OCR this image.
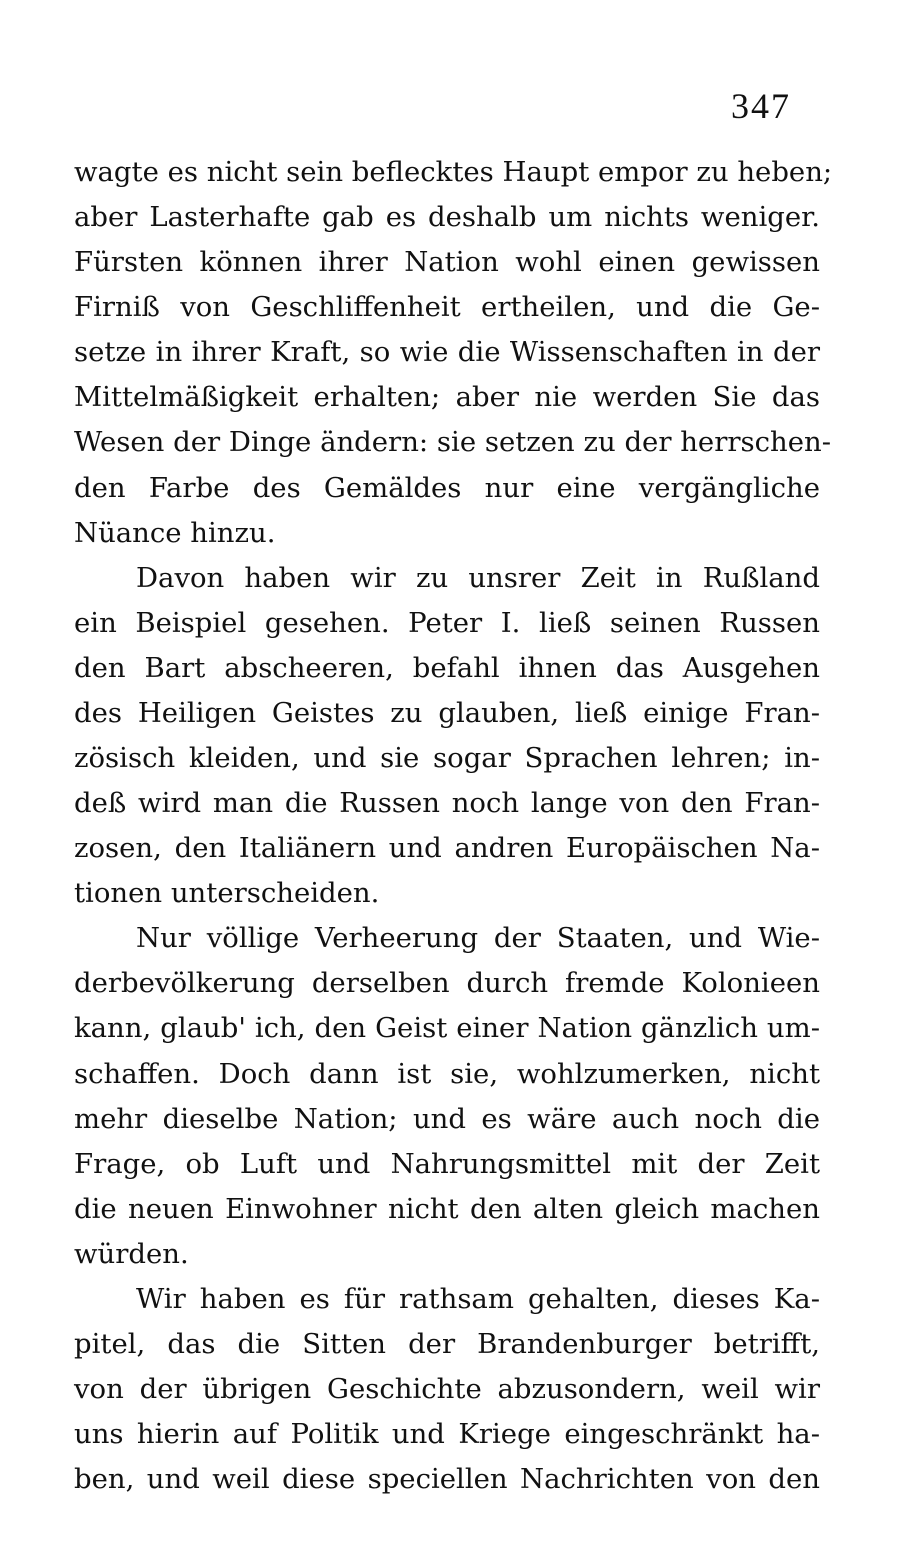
347
wagte es nicht sein beflecktes Haupt empor zu heben;
aber Lasterhafte gab es deshalb um nichts weniger.
Fürsten können ihrer Nation wohl einen gewissen
Firniß von Geschliffenheit ertheilen, und die Ge-
setze in ihrer Kraft, so wie die Wissenschaften in der
Mittelmäßigkeit erhalten; aber nie werden Sie das
Wesen der Dinge ändern: sie setzen zu der herrschen-
den Farbe des Gemäldes nur eine vergängliche
Nüance hinzu.
Davon haben wir zu unsrer Zeit in Rußland
ein Beispiel gesehen. Peter I. ließ seinen Russen
den Bart abscheeren, befahl ihnen das Ausgehen
des Heiligen Geistes zu glauben, ließ einige Fran-
zösisch kleiden, und sie sogar Sprachen lehren; in-
deß wird man die Russen noch lange von den Fran-
zosen, den Italiänern und andren Europäischen Na-
tionen unterscheiden.
Nur völlige Verheerung der Staaten, und Wie-
derbevölkerung derselben durch fremde Kolonieen
kann, glaub' ich, den Geist einer Nation gänzlich um-
schaffen. Doch dann ist sie, wohlzumerken, nicht
mehr dieselbe Nation; und es wäre auch noch die
Frage, ob Luft und Nahrungsmittel mit der Zeit
die neuen Einwohner nicht den alten gleich machen
würden.
Wir haben es für rathsam gehalten, dieses Ka-
pitel, das die Sitten der Brandenburger betrifft,
von der übrigen Geschichte abzusondern, weil wir
uns hierin auf Politik und Kriege eingeschränkt ha-
ben, und weil diese speciellen Nachrichten von den
